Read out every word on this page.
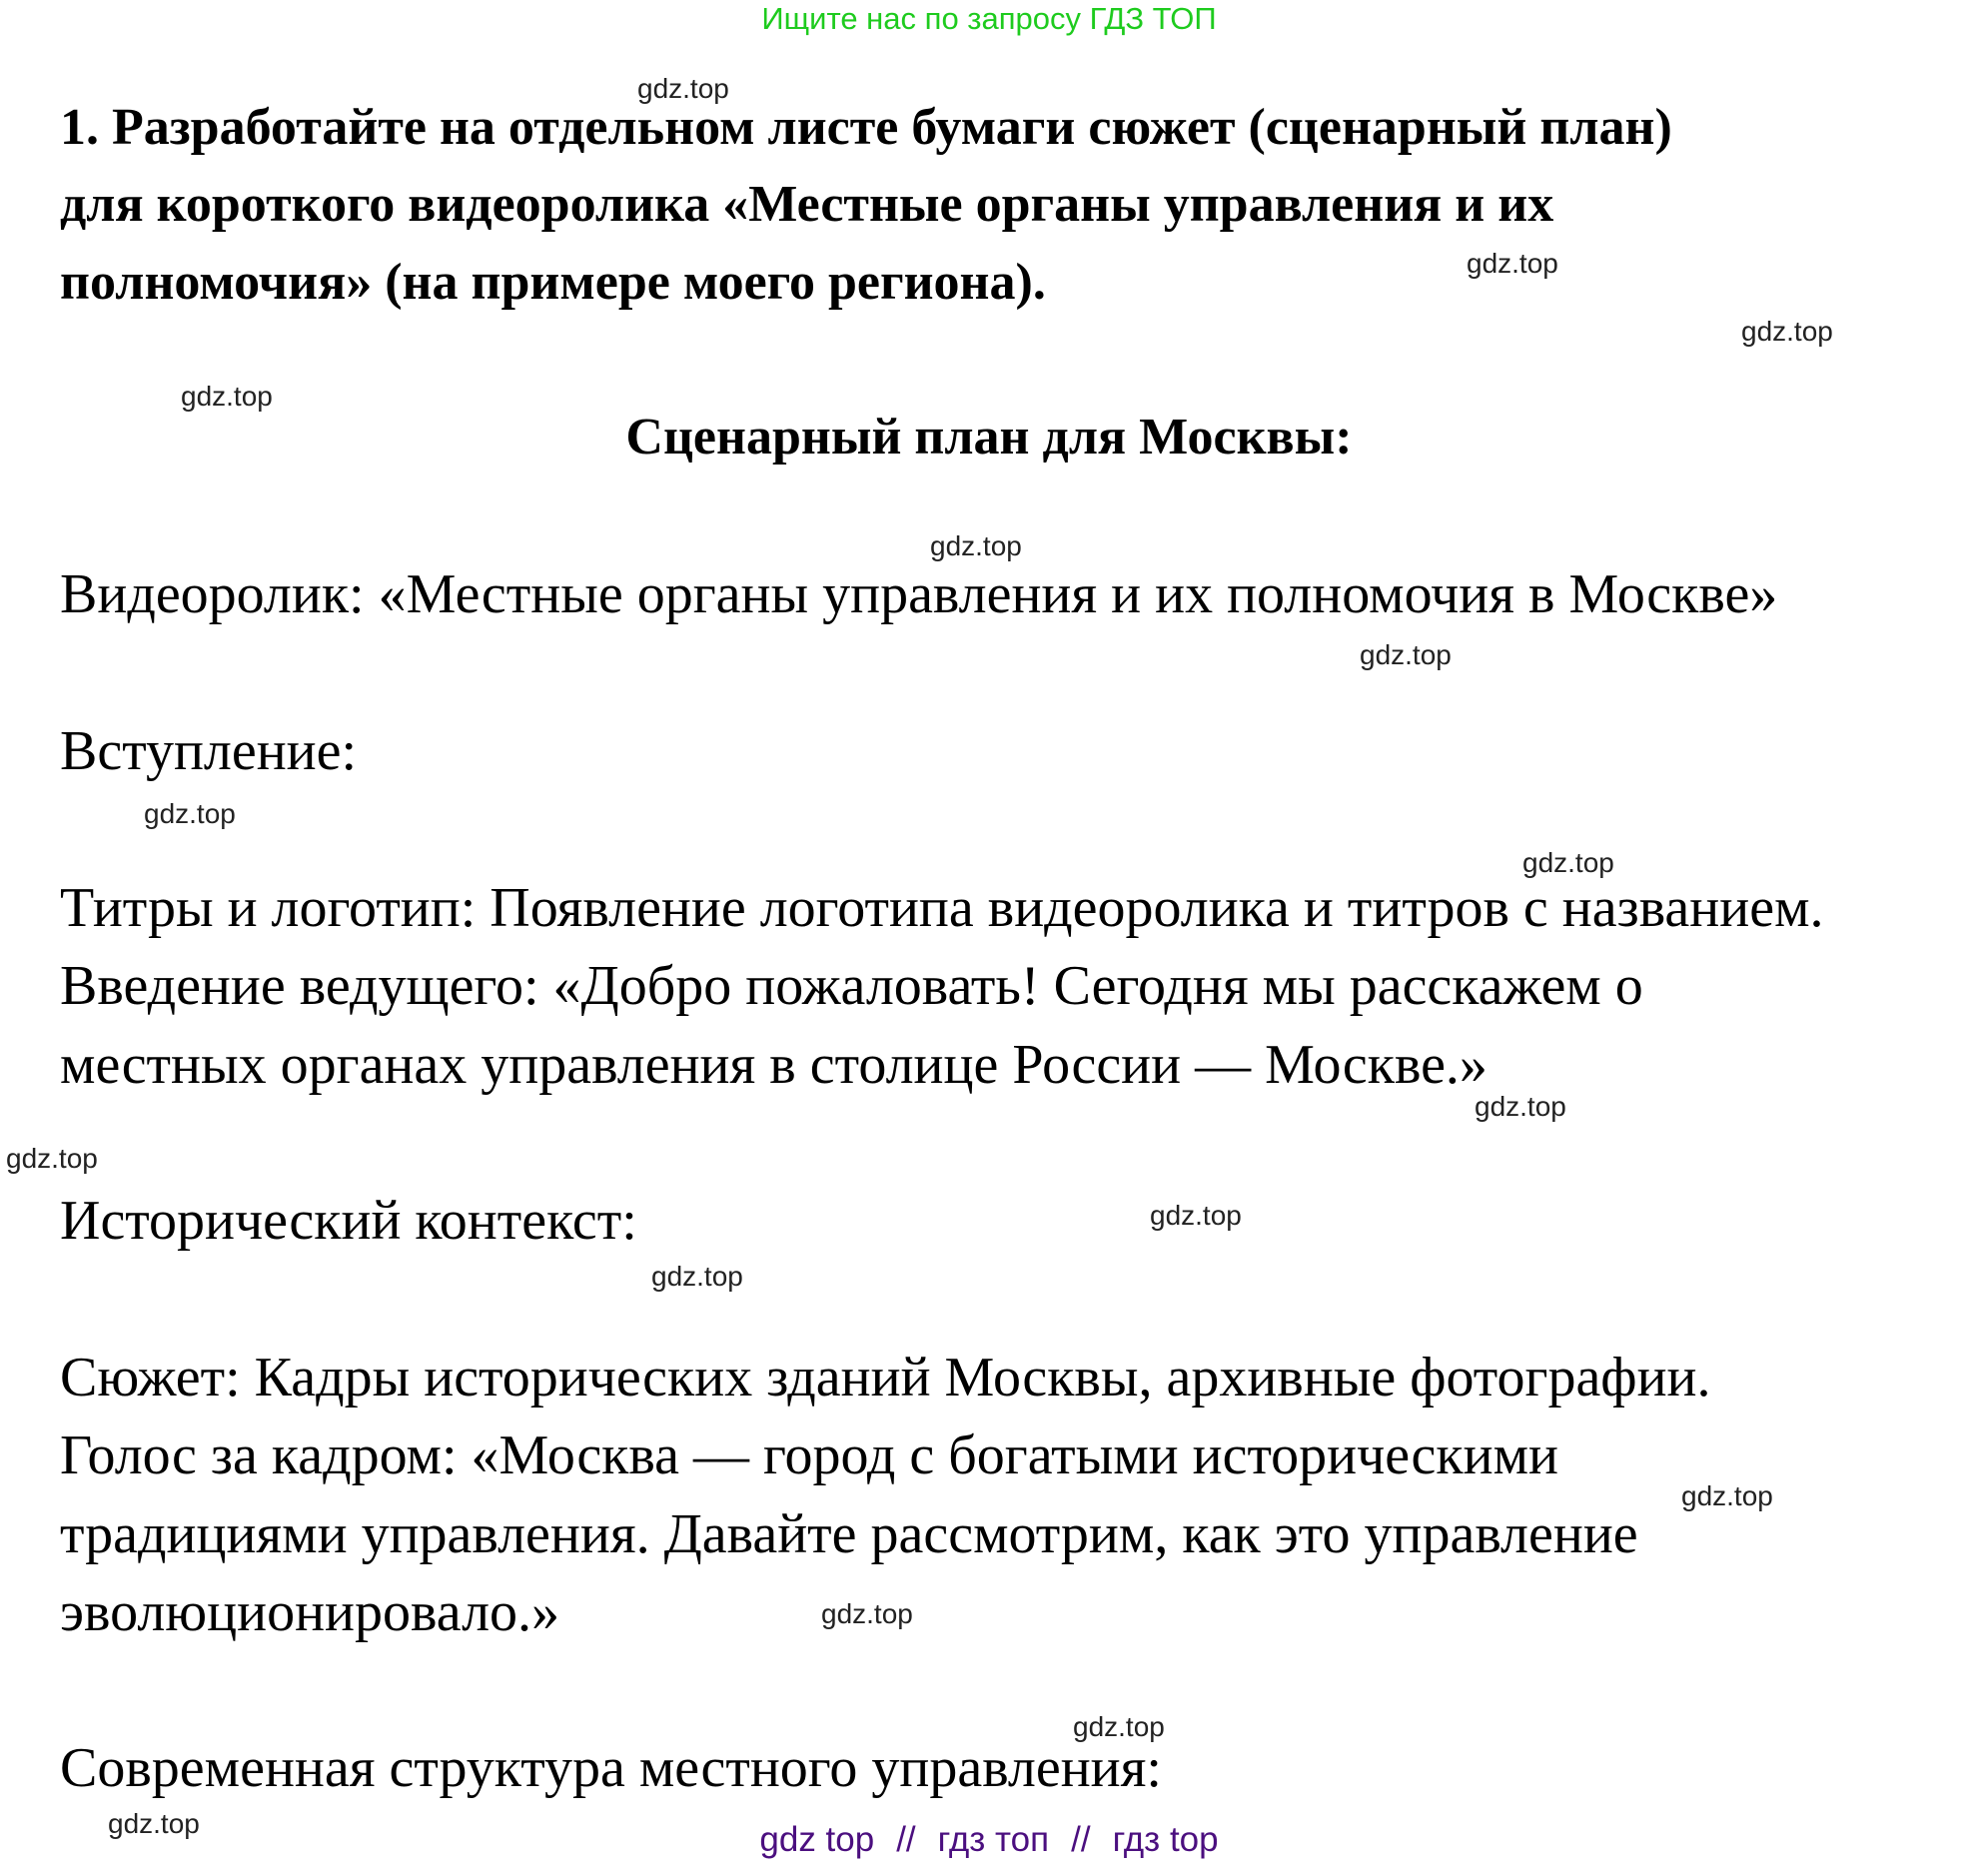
Ищите нас по запросу ГДЗ ТОП
1. Разработайте на отдельном листе бумаги сюжет (сценарный план)
для короткого видеоролика «Местные органы управления и их
полномочия» (на примере моего региона).
Сценарный план для Москвы:
Видеоролик: «Местные органы управления и их полномочия в Москве»
Вступление:
Титры и логотип: Появление логотипа видеоролика и титров с названием.
Введение ведущего: «Добро пожаловать! Сегодня мы расскажем о
местных органах управления в столице России — Москве.»
Исторический контекст:
Сюжет: Кадры исторических зданий Москвы, архивные фотографии.
Голос за кадром: «Москва — город с богатыми историческими
традициями управления. Давайте рассмотрим, как это управление
эволюционировало.»
Современная структура местного управления:
gdz.top
gdz.top
gdz.top
gdz.top
gdz.top
gdz.top
gdz.top
gdz.top
gdz.top
gdz.top
gdz.top
gdz.top
gdz.top
gdz.top
gdz.top
gdz.top	gdz top // гдз топ // гдз top
